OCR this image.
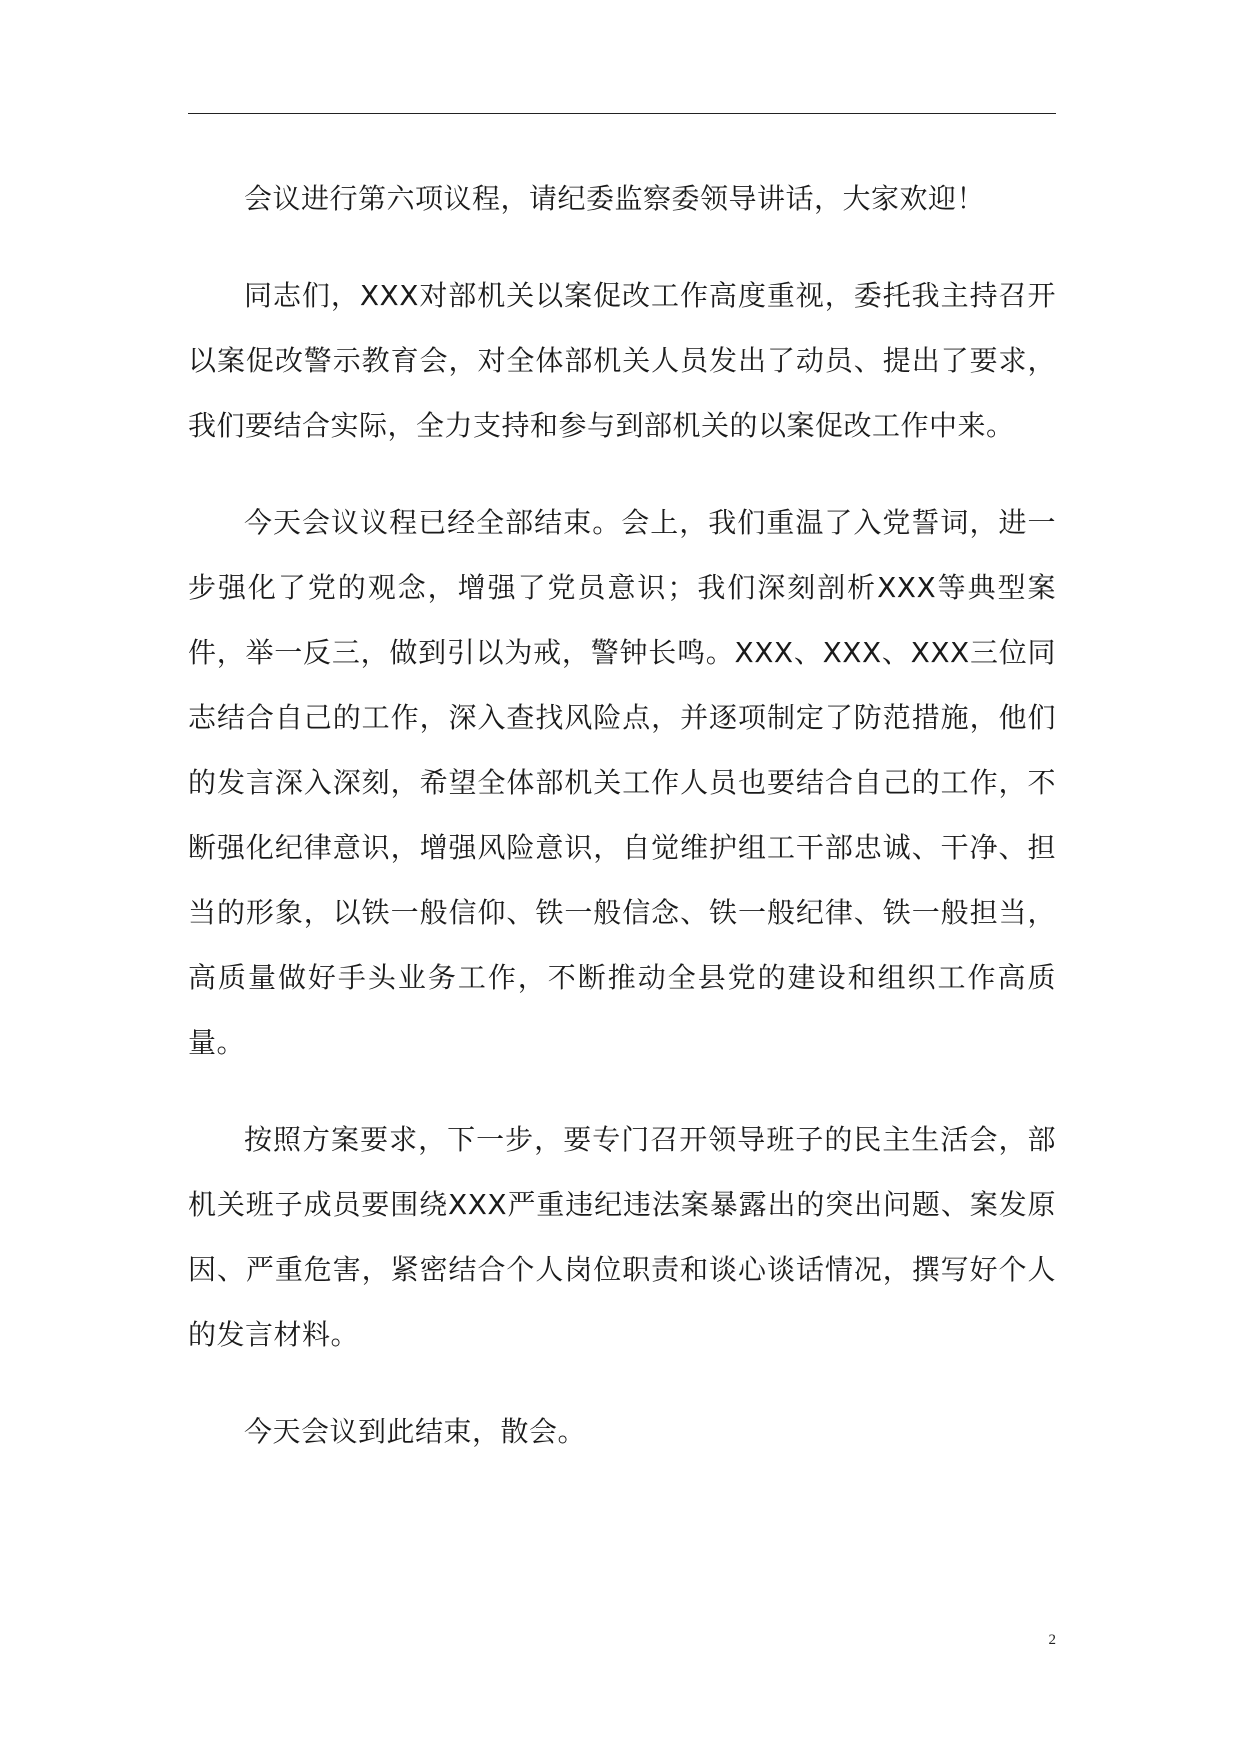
会议进行第六项议程，请纪委监察委领导讲话，大家欢迎！

同志们，XXX对部机关以案促改工作高度重视，委托我主持召开以案促改警示教育会，对全体部机关人员发出了动员、提出了要求，我们要结合实际，全力支持和参与到部机关的以案促改工作中来。

今天会议议程已经全部结束。会上，我们重温了入党誓词，进一步强化了党的观念，增强了党员意识；我们深刻剖析XXX等典型案件，举一反三，做到引以为戒，警钟长鸣。XXX、XXX、XXX三位同志结合自己的工作，深入查找风险点，并逐项制定了防范措施，他们的发言深入深刻，希望全体部机关工作人员也要结合自己的工作，不断强化纪律意识，增强风险意识，自觉维护组工干部忠诚、干净、担当的形象，以铁一般信仰、铁一般信念、铁一般纪律、铁一般担当，高质量做好手头业务工作，不断推动全县党的建设和组织工作高质量。

按照方案要求，下一步，要专门召开领导班子的民主生活会，部机关班子成员要围绕XXX严重违纪违法案暴露出的突出问题、案发原因、严重危害，紧密结合个人岗位职责和谈心谈话情况，撰写好个人的发言材料。

今天会议到此结束，散会。

2
